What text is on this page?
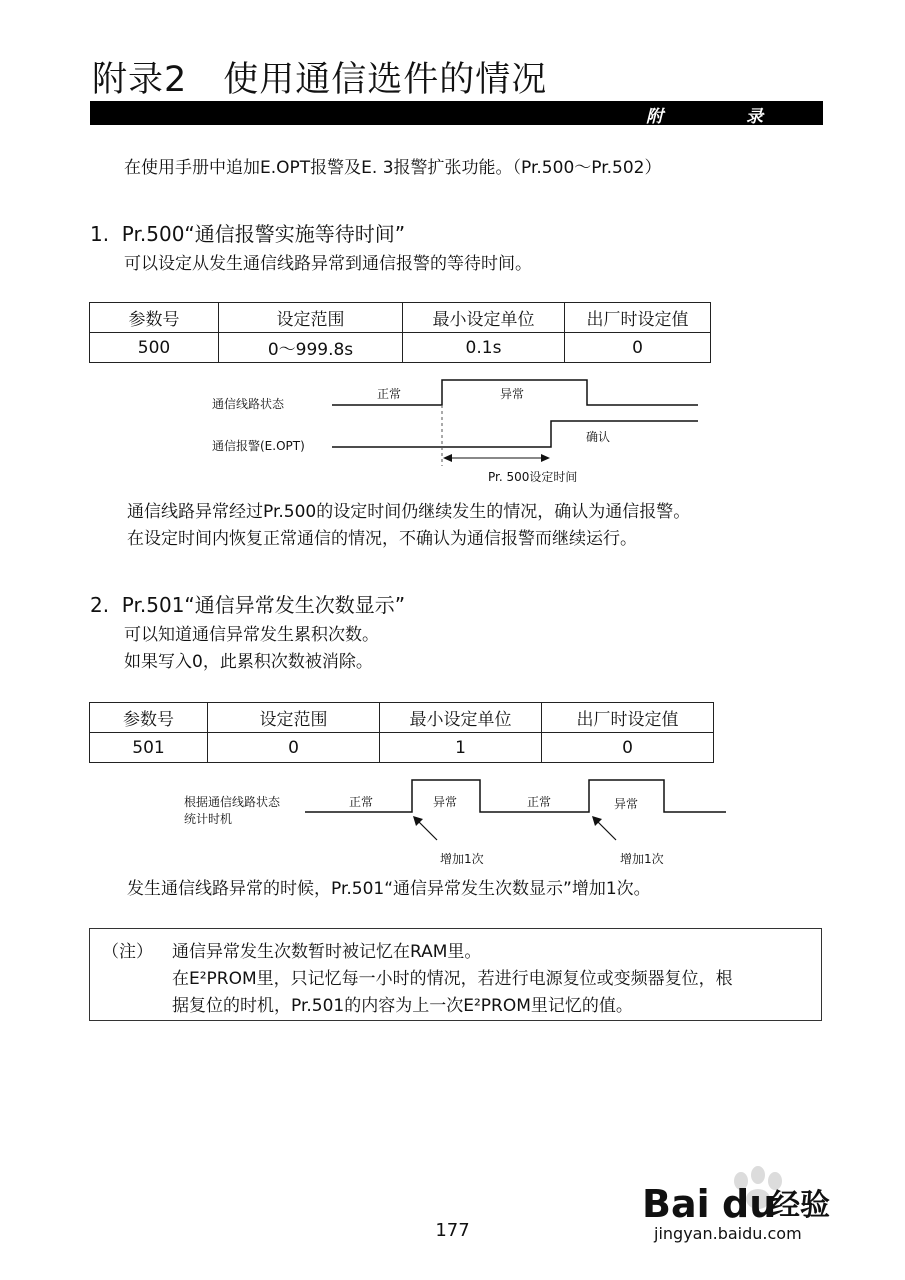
附录2　使用通信选件的情况
附	录
在使用手册中追加E.OPT报警及E. 3报警扩张功能。（Pr.500～Pr.502）
1.  Pr.500“通信报警实施等待时间”
可以设定从发生通信线路异常到通信报警的等待时间。
参数号	设定范围	最小设定单位	出厂时设定值
500	0～999.8s	0.1s	0
通信线路状态
通信报警(E.OPT)
正常	异常
确认
Pr. 500设定时间
通信线路异常经过Pr.500的设定时间仍继续发生的情况，确认为通信报警。
在设定时间内恢复正常通信的情况，不确认为通信报警而继续运行。
2.  Pr.501“通信异常发生次数显示”
可以知道通信异常发生累积次数。
如果写入0，此累积次数被消除。
参数号	设定范围	最小设定单位	出厂时设定值
501	0	1	0
根据通信线路状态
统计时机
正常	异常	正常	异常
增加1次	增加1次
发生通信线路异常的时候，Pr.501“通信异常发生次数显示”增加1次。
（注） 通信异常发生次数暂时被记忆在RAM里。
在E²PROM里，只记忆每一小时的情况，若进行电源复位或变频器复位，根
据复位的时机，Pr.501的内容为上一次E²PROM里记忆的值。
Bai du
经验
jingyan.baidu.com
177
